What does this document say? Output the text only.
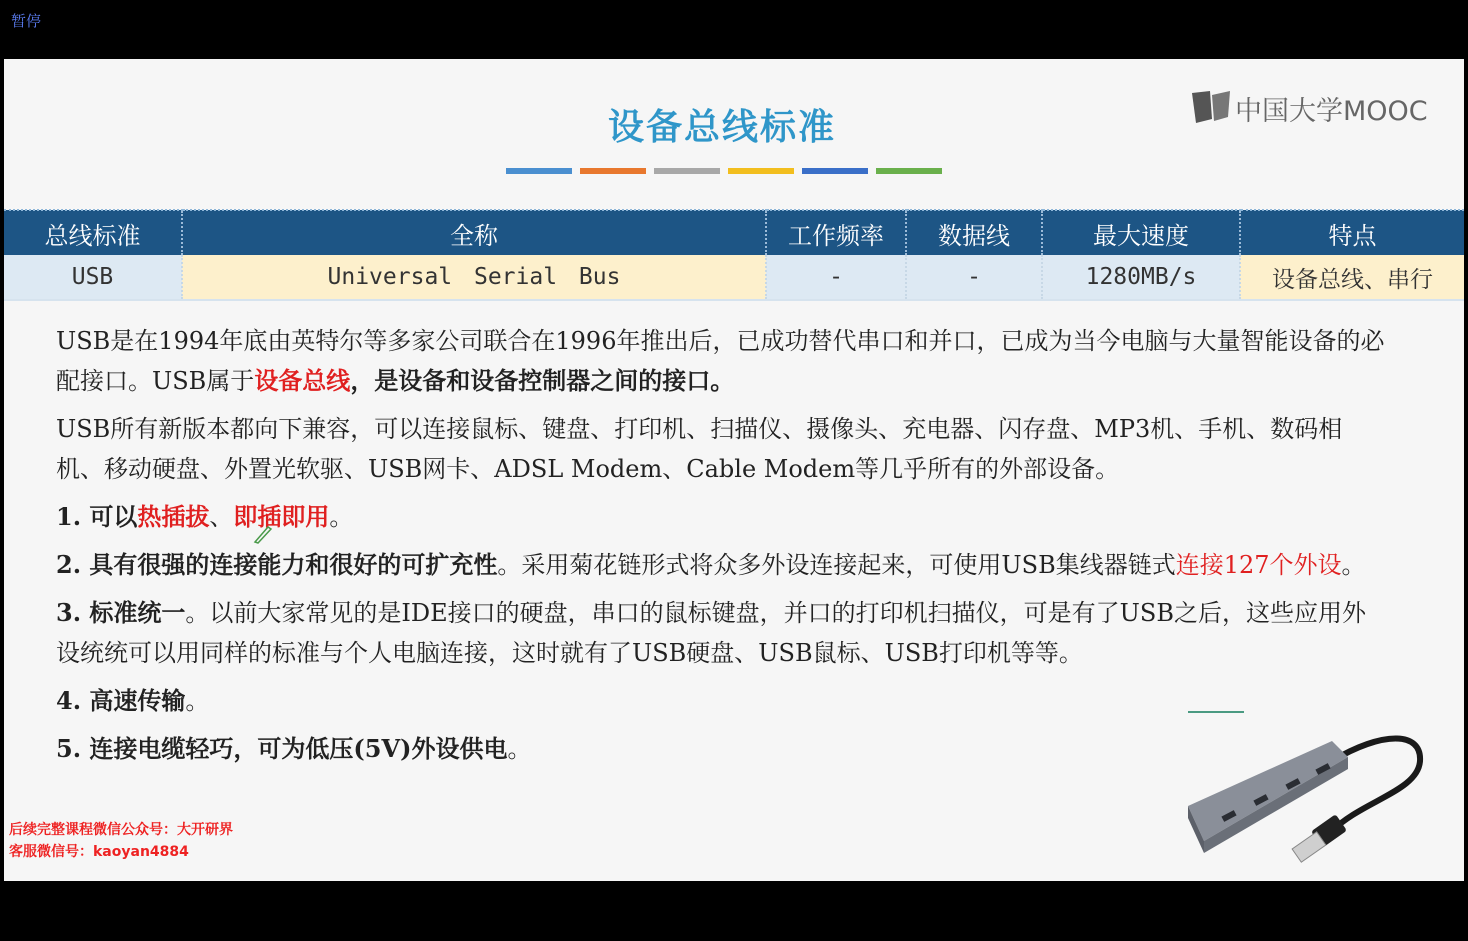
暂停
设备总线标准	中国大学MOOC
总线标准	全称	工作频率	数据线	最大速度	特点
USB	Universal Serial Bus	-	-	1280MB/s	设备总线、串行

USB是在1994年底由英特尔等多家公司联合在1996年推出后，已成功替代串口和并口，已成为当今电脑与大量智能设备的必配接口。USB属于设备总线，是设备和设备控制器之间的接口。

USB所有新版本都向下兼容，可以连接鼠标、键盘、打印机、扫描仪、摄像头、充电器、闪存盘、MP3机、手机、数码相机、移动硬盘、外置光软驱、USB网卡、ADSL Modem、Cable Modem等几乎所有的外部设备。

1. 可以热插拔、即插即用。

2. 具有很强的连接能力和很好的可扩充性。采用菊花链形式将众多外设连接起来，可使用USB集线器链式连接127个外设。

3. 标准统一。以前大家常见的是IDE接口的硬盘，串口的鼠标键盘，并口的打印机扫描仪，可是有了USB之后，这些应用外设统统可以用同样的标准与个人电脑连接，这时就有了USB硬盘、USB鼠标、USB打印机等等。

4. 高速传输。

5. 连接电缆轻巧，可为低压(5V)外设供电。

后续完整课程微信公众号：大开研界
客服微信号：kaoyan4884
